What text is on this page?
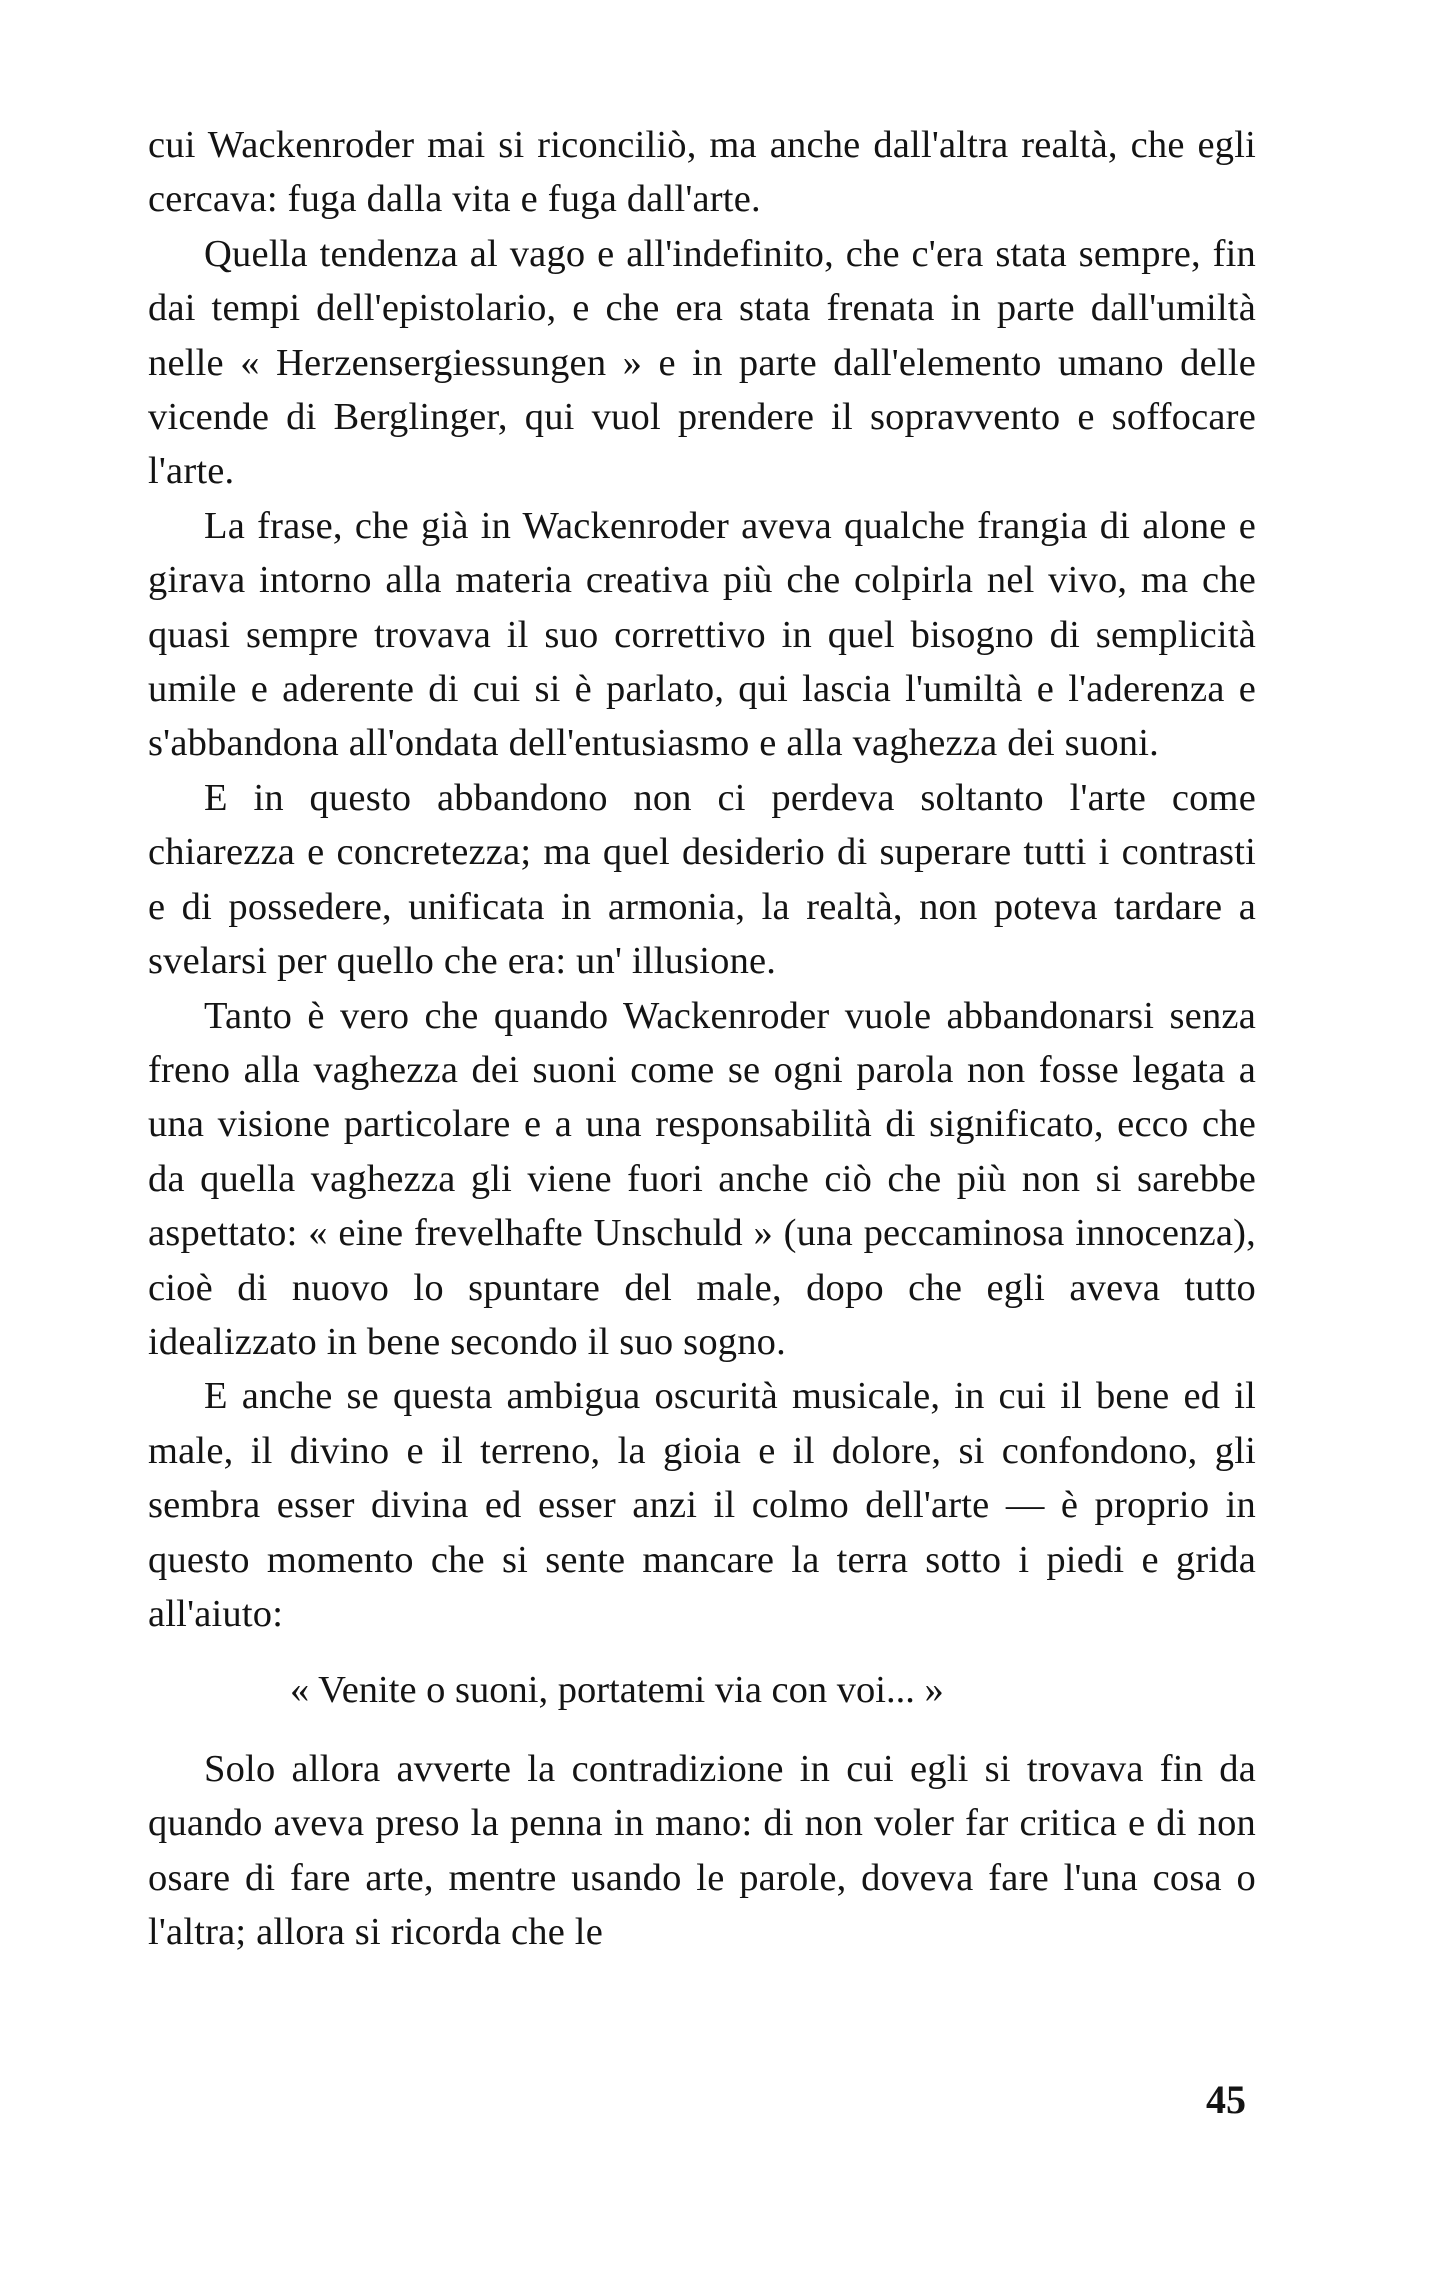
cui Wackenroder mai si riconciliò, ma anche dall'altra realtà, che egli cercava: fuga dalla vita e fuga dall'arte.

Quella tendenza al vago e all'indefinito, che c'era stata sempre, fin dai tempi dell'epistolario, e che era stata frenata in parte dall'umiltà nelle « Herzensergiessungen » e in parte dall'elemento umano delle vicende di Berglinger, qui vuol prendere il sopravvento e soffocare l'arte.

La frase, che già in Wackenroder aveva qualche frangia di alone e girava intorno alla materia creativa più che colpirla nel vivo, ma che quasi sempre trovava il suo correttivo in quel bisogno di semplicità umile e aderente di cui si è parlato, qui lascia l'umiltà e l'aderenza e s'abbandona all'ondata dell'entusiasmo e alla vaghezza dei suoni.

E in questo abbandono non ci perdeva soltanto l'arte come chiarezza e concretezza; ma quel desiderio di superare tutti i contrasti e di possedere, unificata in armonia, la realtà, non poteva tardare a svelarsi per quello che era: un' illusione.

Tanto è vero che quando Wackenroder vuole abbandonarsi senza freno alla vaghezza dei suoni come se ogni parola non fosse legata a una visione particolare e a una responsabilità di significato, ecco che da quella vaghezza gli viene fuori anche ciò che più non si sarebbe aspettato: « eine frevelhafte Unschuld » (una peccaminosa innocenza), cioè di nuovo lo spuntare del male, dopo che egli aveva tutto idealizzato in bene secondo il suo sogno.

E anche se questa ambigua oscurità musicale, in cui il bene ed il male, il divino e il terreno, la gioia e il dolore, si confondono, gli sembra esser divina ed esser anzi il colmo dell'arte — è proprio in questo momento che si sente mancare la terra sotto i piedi e grida all'aiuto:

« Venite o suoni, portatemi via con voi... »

Solo allora avverte la contradizione in cui egli si trovava fin da quando aveva preso la penna in mano: di non voler far critica e di non osare di fare arte, mentre usando le parole, doveva fare l'una cosa o l'altra; allora si ricorda che le

45
